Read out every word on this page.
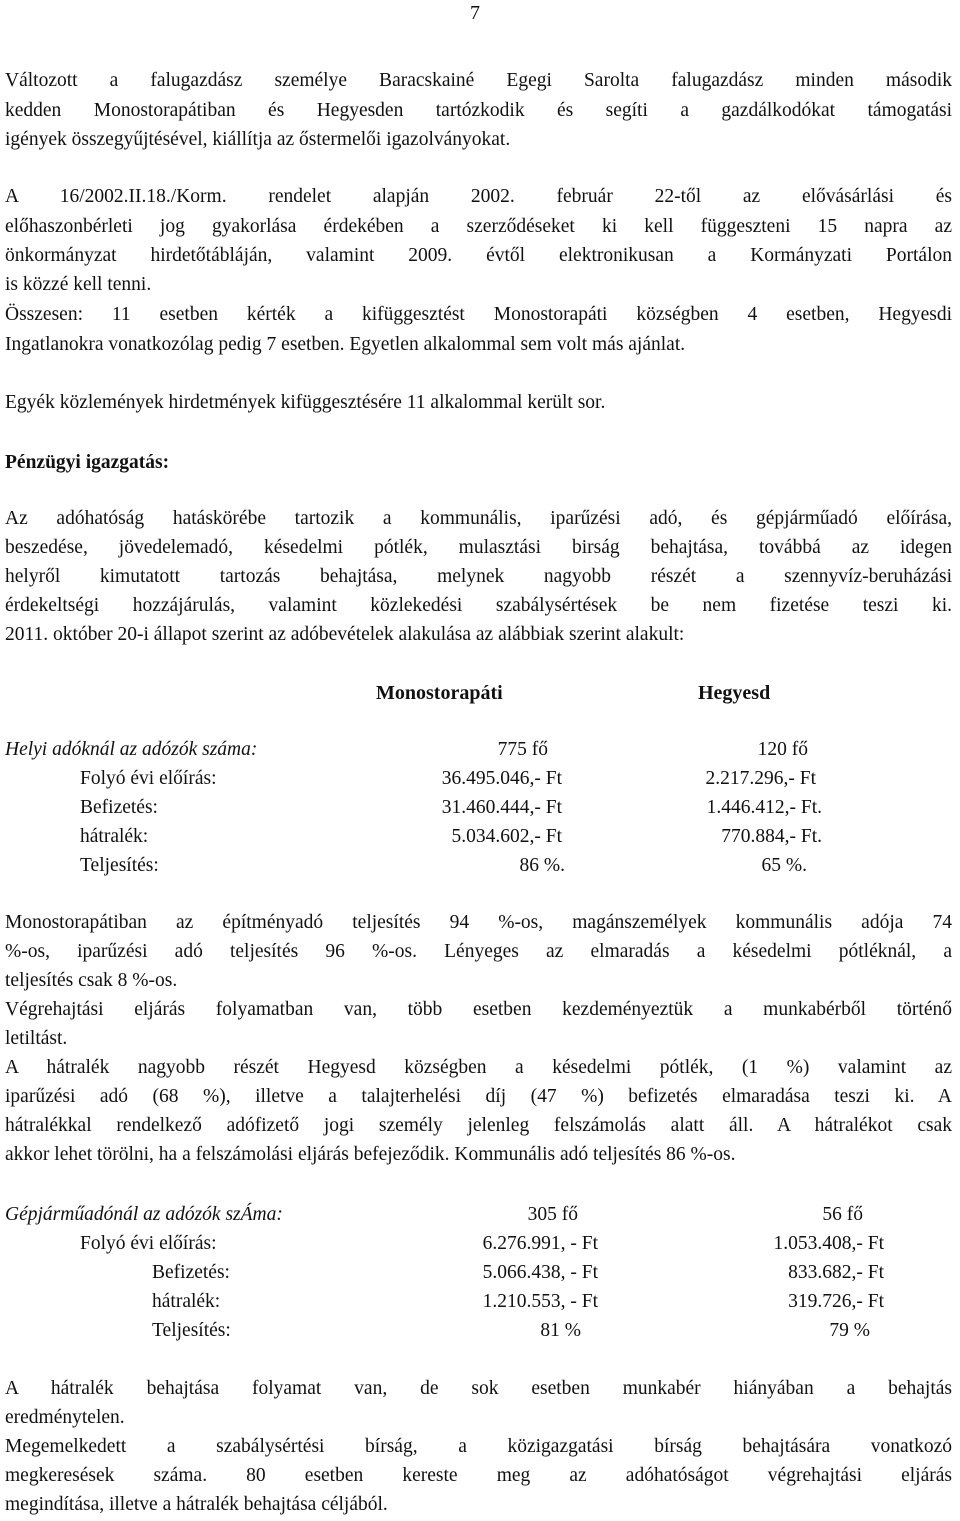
7
Változott a falugazdász személye Baracskainé Egegi Sarolta falugazdász minden második
kedden Monostorapátiban és Hegyesden tartózkodik és segíti a gazdálkodókat támogatási
igények összegyűjtésével, kiállítja az őstermelői igazolványokat.
A 16/2002.II.18./Korm. rendelet alapján 2002. február 22-től az elővásárlási és
előhaszonbérleti jog gyakorlása érdekében a szerződéseket ki kell függeszteni 15 napra az
önkormányzat hirdetőtábláján, valamint 2009. évtől elektronikusan a Kormányzati Portálon
is közzé kell tenni.
Összesen: 11 esetben kérték a kifüggesztést Monostorapáti községben 4 esetben, Hegyesdi
Ingatlanokra vonatkozólag pedig 7 esetben. Egyetlen alkalommal sem volt más ajánlat.
Egyék közlemények hirdetmények kifüggesztésére 11 alkalommal került sor.
Pénzügyi igazgatás:
Az adóhatóság hatáskörébe tartozik a kommunális, iparűzési adó, és gépjárműadó előírása,
beszedése, jövedelemadó, késedelmi pótlék, mulasztási birság behajtása, továbbá az idegen
helyről kimutatott tartozás behajtása, melynek nagyobb részét a szennyvíz-beruházási
érdekeltségi hozzájárulás, valamint közlekedési szabálysértések be nem fizetése teszi ki.
2011. október 20-i állapot szerint az adóbevételek alakulása az alábbiak szerint alakult:
Monostorapáti	Hegyesd
Helyi adóknál az adózók száma:	775 fő	120 fő
Folyó évi előírás:	36.495.046,- Ft	2.217.296,- Ft
Befizetés:	31.460.444,- Ft	1.446.412,- Ft.
hátralék:	5.034.602,- Ft	770.884,- Ft.
Teljesítés:	86 %.	65 %.
Monostorapátiban az építményadó teljesítés 94 %-os, magánszemélyek kommunális adója 74
%-os, iparűzési adó teljesítés 96 %-os. Lényeges az elmaradás a késedelmi pótléknál, a
teljesítés csak 8 %-os.
Végrehajtási eljárás folyamatban van, több esetben kezdeményeztük a munkabérből történő
letiltást.
A hátralék nagyobb részét Hegyesd községben a késedelmi pótlék, (1 %) valamint az
iparűzési adó (68 %), illetve a talajterhelési díj (47 %) befizetés elmaradása teszi ki. A
hátralékkal rendelkező adófizető jogi személy jelenleg felszámolás alatt áll. A hátralékot csak
akkor lehet törölni, ha a felszámolási eljárás befejeződik. Kommunális adó teljesítés 86 %-os.
Gépjárműadónál az adózók szÁma:	305 fő	56 fő
Folyó évi előírás:	6.276.991, - Ft	1.053.408,- Ft
Befizetés:	5.066.438, - Ft	833.682,- Ft
hátralék:	1.210.553, - Ft	319.726,- Ft
Teljesítés:	81 %	79 %
A hátralék behajtása folyamat van, de sok esetben munkabér hiányában a behajtás
eredménytelen.
Megemelkedett a szabálysértési bírság, a közigazgatási bírság behajtására vonatkozó
megkeresések száma. 80 esetben kereste meg az adóhatóságot végrehajtási eljárás
megindítása, illetve a hátralék behajtása céljából.
